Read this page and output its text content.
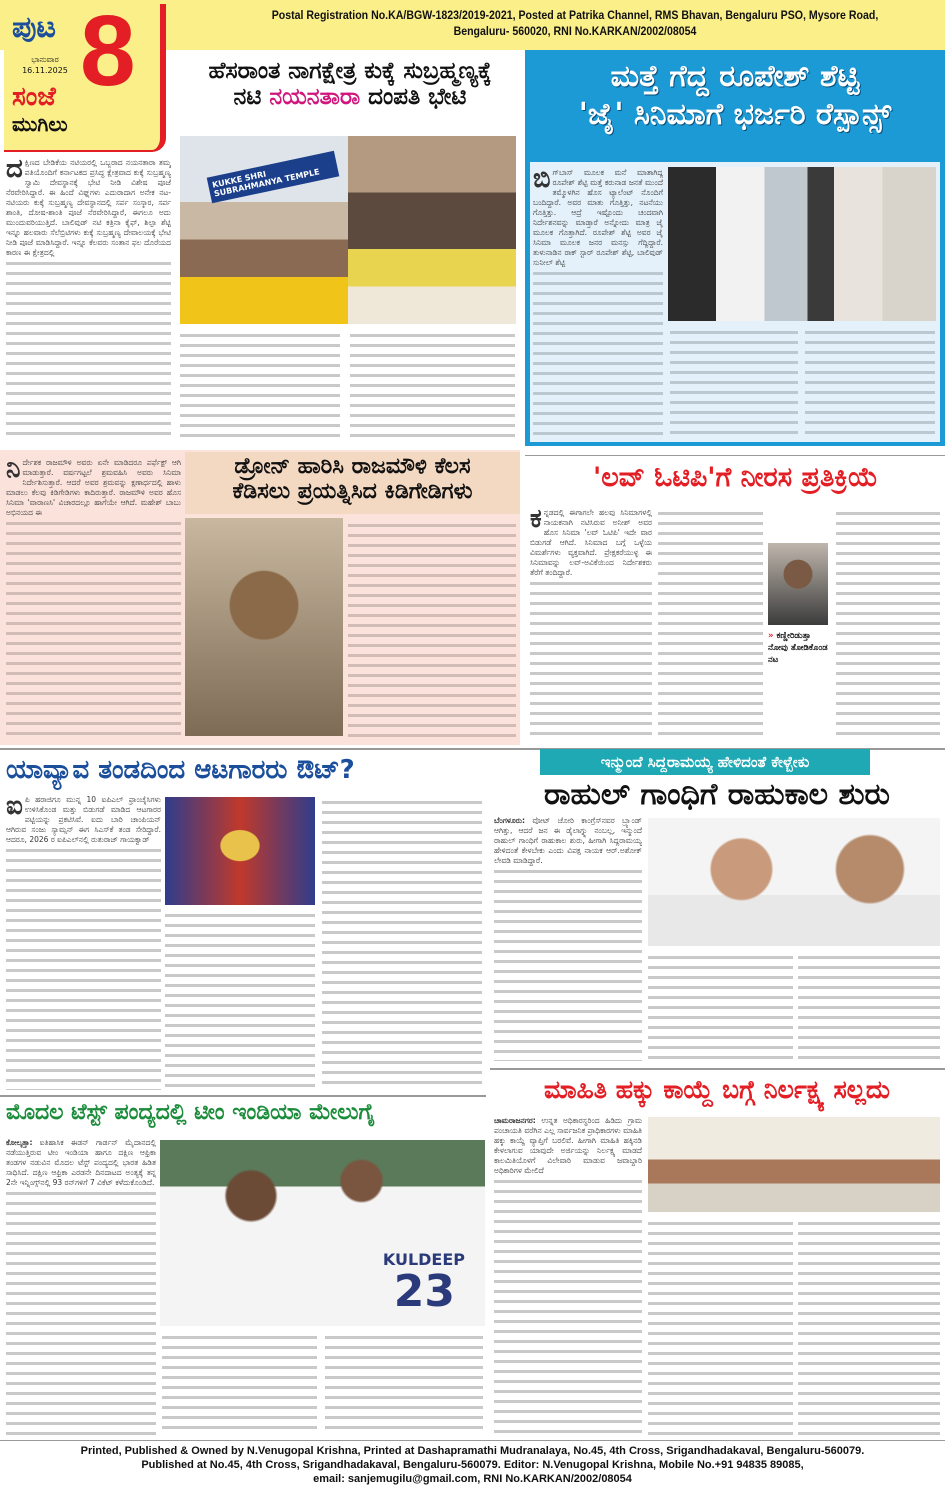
Postal Registration No.KA/BGW-1823/2019-2021, Posted at Patrika Channel, RMS Bhavan, Bengaluru PSO, Mysore Road,
Bengaluru- 560020, RNI No.KARKAN/2002/08054
ಪುಟ 8
ಭಾನುವಾರ
16.11.2025
ಸಂಜೆ
ಮುಗಿಲು
ಹೆಸರಾಂತ ನಾಗಕ್ಷೇತ್ರ ಕುಕ್ಕೆ ಸುಬ್ರಹ್ಮಣ್ಯಕ್ಕೆ
ನಟಿ ನಯನತಾರಾ ದಂಪತಿ ಭೇಟಿ
ದಕ್ಷಿಣದ ಬೇಡಿಕೆಯ ನಟಿಯರಲ್ಲಿ ಒಬ್ಬರಾದ ನಯನತಾರಾ ತಮ್ಮ ಪತಿಯೊಂದಿಗೆ ಕರ್ನಾಟಕದ ಪ್ರಸಿದ್ಧ ಕ್ಷೇತ್ರವಾದ ಕುಕ್ಕೆ ಸುಬ್ರಹ್ಮಣ್ಯ ಸ್ವಾಮಿ ದೇವಸ್ಥಾನಕ್ಕೆ ಭೇಟಿ ನೀಡಿ ವಿಶೇಷ ಪೂಜೆ ನೆರವೇರಿಸಿದ್ದಾರೆ. ಈ ಹಿಂದೆ ವಿಘ್ನಗಳು ಎದುರಾದಾಗ ಅನೇಕ ನಟ-ನಟಿಯರು ಕುಕ್ಕೆ ಸುಬ್ರಹ್ಮಣ್ಯ ದೇವಸ್ಥಾನದಲ್ಲಿ ಸರ್ಪ ಸಂಸ್ಕಾರ, ಸರ್ಪ ಶಾಂತಿ, ದೋಷ-ಶಾಂತಿ ಪೂಜೆ ನೆರವೇರಿಸಿದ್ದಾರೆ, ಈಗಲೂ ಅದು ಮುಂದುವರಿಯುತ್ತಿದೆ. ಬಾಲಿವುಡ್ ನಟಿ ಕತ್ರಿನಾ ಕೈಫ್, ಶಿಲ್ಪಾ ಶೆಟ್ಟಿ ಇನ್ನೂ ಹಲವಾರು ಸೆಲೆಬ್ರಿಟಿಗಳು ಕುಕ್ಕೆ ಸುಬ್ರಹ್ಮಣ್ಯ ದೇವಾಲಯಕ್ಕೆ ಭೇಟಿ ನೀಡಿ ಪೂಜೆ ಮಾಡಿಸಿದ್ದಾರೆ. ಇನ್ನೂ ಕೆಲವರು ಸಂತಾನ ಫಲ ದೊರೆಯದ ಕಾರಣ ಈ ಕ್ಷೇತ್ರದಲ್ಲಿ
KUKKE SHRI SUBRAHMANYA TEMPLE
ಮತ್ತೆ ಗೆದ್ದ ರೂಪೇಶ್ ಶೆಟ್ಟಿ
'ಜೈ' ಸಿನಿಮಾಗೆ ಭರ್ಜರಿ ರೆಸ್ಪಾನ್ಸ್
ಬಿಗ್‌ಬಾಸ್ ಮೂಲಕ ಮನೆ ಮಾತಾಗಿದ್ದ ರೂಪೇಶ್ ಶೆಟ್ಟಿ ಮತ್ತೆ ಕರುನಾಡ ಜನತೆ ಮುಂದೆ ತಮ್ಮೊಳಗಿನ ಹೊಸ ಟ್ಯಾಲೆಂಟ್ ನೊಂದಿಗೆ ಬಂದಿದ್ದಾರೆ. ಅವರ ಮಾತು ಗೊತ್ತಿತ್ತು, ನಟನೆಯು ಗೊತ್ತಿತ್ತು. ಆದ್ರೆ ಇಷ್ಟೊಂದು ಚಂದವಾಗಿ ನಿರ್ದೇಶನವನ್ನು ಮಾಡ್ತಾರೆ ಅನ್ನೋದು ಮಾತ್ರ ಜೈ ಮೂಲಕ ಗೊತ್ತಾಗಿದೆ. ರೂಪೇಶ್ ಶೆಟ್ಟಿ ಅವರ ಜೈ ಸಿನಿಮಾ ಮೂಲಕ ಜನರ ಮನಸ್ಸು ಗೆದ್ದಿದ್ದಾರೆ. ತುಳುನಾಡಿನ ರಾಕ್ ಸ್ಟಾರ್ ರೂಪೇಶ್ ಶೆಟ್ಟಿ, ಬಾಲಿವುಡ್ ಸುನೀಲ್ ಶೆಟ್ಟಿ
ಡ್ರೋನ್ ಹಾರಿಸಿ ರಾಜಮೌಳಿ ಕೆಲಸ
ಕೆಡಿಸಲು ಪ್ರಯತ್ನಿಸಿದ ಕಿಡಿಗೇಡಿಗಳು
ನಿರ್ದೇಶಕ ರಾಜಮೌಳಿ ಅವರು ಏನೇ ಮಾಡಿದರೂ ಪರ್ಫೆಕ್ಟ್ ಆಗಿ ಮಾಡುತ್ತಾರೆ. ವರ್ಷಗಟ್ಟಲೆ ಶ್ರಮವಹಿಸಿ ಅವರು ಸಿನಿಮಾ ನಿರ್ದೇಶಿಸುತ್ತಾರೆ. ಆದರೆ ಅವರ ಶ್ರಮವನ್ನು ಕ್ಷಣಾರ್ಧದಲ್ಲಿ ಹಾಳು ಮಾಡಲು ಕೆಲವು ಕಿಡಿಗೇಡಿಗಳು ಕಾದಿರುತ್ತಾರೆ. ರಾಜಮೌಳಿ ಅವರ ಹೊಸ ಸಿನಿಮಾ 'ವಾರಾಣಸಿ' ವಿಚಾರದಲ್ಲೂ ಹಾಗೆಯೇ ಆಗಿದೆ. ಮಹೇಶ್ ಬಾಬು ಅಭಿನಯದ ಈ
'ಲವ್ ಓಟಿಪಿ'ಗೆ ನೀರಸ ಪ್ರತಿಕ್ರಿಯೆ
ಕನ್ನಡದಲ್ಲಿ ಈಗಾಗಲೇ ಹಲವು ಸಿನಿಮಾಗಳಲ್ಲಿ ನಾಯಕನಾಗಿ ನಟಿಸಿರುವ ಅನೀಶ್ ಅವರ ಹೊಸ ಸಿನಿಮಾ 'ಲವ್ ಓಟಿಪಿ' ಇದೇ ವಾರ ಬಿಡುಗಡೆ ಆಗಿದೆ. ಸಿನಿಮಾದ ಬಗ್ಗೆ ಒಳ್ಳೆಯ ವಿಮರ್ಶೆಗಳು ವ್ಯಕ್ತವಾಗಿದೆ. ಪ್ರೇಕ್ಷಕರೆಯುಳ್ಳ ಈ ಸಿನಿಮಾವನ್ನು ಲವ್-ಅವಿಕೆಯಿಂದ ನಿರ್ದೇಶಕರು ತೆರೆಗೆ ತಂದಿದ್ದಾರೆ.
» ಕಣ್ಣೀರಿಡುತ್ತಾ ನೋವು ತೋಡಿಕೊಂಡ ನಟ
ಯಾವ್ಯಾವ ತಂಡದಿಂದ ಆಟಗಾರರು ಔಟ್?
ಐಪಿ ಹರಾಜಿಗೂ ಮುನ್ನ 10 ಐಪಿಎಲ್ ಫ್ರಾಂಚೈಸಿಗಳು ಉಳಿಸಿಕೊಂಡ ಮತ್ತು ಬಿಡುಗಡೆ ಮಾಡಿದ ಆಟಗಾರರ ಪಟ್ಟಿಯನ್ನು ಪ್ರಕಟಿಸಿವೆ. ಐದು ಬಾರಿ ಚಾಂಪಿಯನ್ ಆಗಿರುವ ಸಂಜು ಸ್ಯಾಮ್ಸನ್ ಈಗ ಸಿಎಸ್‌ಕೆ ತಂಡ ಸೇರಿದ್ದಾರೆ. ಆದರೂ, 2026 ರ ಐಪಿಎಲ್‌ನಲ್ಲಿ ರುತುರಾಜ್ ಗಾಯಕ್ವಾಡ್
ಇನ್ಮುಂದೆ ಸಿದ್ದರಾಮಯ್ಯ ಹೇಳಿದಂತೆ ಕೇಳ್ಬೇಕು
ರಾಹುಲ್ ಗಾಂಧಿಗೆ ರಾಹುಕಾಲ ಶುರು
ಬೆಂಗಳೂರು: ವೋಟ್ ಚೋರಿ ಕಾಂಗ್ರೆಸ್‌ನವರ ಬ್ರ್ಯಾಂಡ್ ಆಗಿತ್ತು, ಆದರೆ ಜನ ಈ ಡೈಲಾಗ್ನ್ನು ನಂಬಲ್ಲ, ಇನ್ಮುಂದೆ ರಾಹುಲ್ ಗಾಂಧಿಗೆ ರಾಹುಕಾಲ ಶುರು, ಹೀಗಾಗಿ ಸಿದ್ದರಾಮಯ್ಯ ಹೇಳಿದಂತೆ ಕೇಳಬೇಕು ಎಂದು ವಿಪಕ್ಷ ನಾಯಕ ಆರ್.ಅಶೋಕ್ ಲೇವಡಿ ಮಾಡಿದ್ದಾರೆ.
ಮೊದಲ ಟೆಸ್ಟ್ ಪಂದ್ಯದಲ್ಲಿ ಟೀಂ ಇಂಡಿಯಾ ಮೇಲುಗೈ
ಕೋಲ್ಕತ್ತಾ: ಐತಿಹಾಸಿಕ ಈಡನ್ ಗಾರ್ಡನ್ ಮೈದಾನದಲ್ಲಿ ನಡೆಯುತ್ತಿರುವ ಟೀಂ ಇಂಡಿಯಾ ಹಾಗೂ ದಕ್ಷಿಣ ಆಫ್ರಿಕಾ ತಂಡಗಳ ನಡುವಿನ ಮೊದಲ ಟೆಸ್ಟ್ ಪಂದ್ಯದಲ್ಲಿ ಭಾರತ ಹಿಡಿತ ಸಾಧಿಸಿದೆ. ದಕ್ಷಿಣ ಆಫ್ರಿಕಾ ಎರಡನೇ ದಿನದಾಟದ ಅಂತ್ಯಕ್ಕೆ ತನ್ನ 2ನೇ ಇನ್ನಿಂಗ್ಸ್‌ನಲ್ಲಿ 93 ರನ್‌ಗಳಿಗೆ 7 ವಿಕೆಟ್ ಕಳೆದುಕೊಂಡಿದೆ.
KULDEEP
23
ಮಾಹಿತಿ ಹಕ್ಕು ಕಾಯ್ದೆ ಬಗ್ಗೆ ನಿರ್ಲಕ್ಷ್ಯ ಸಲ್ಲದು
ಚಾಮರಾಜನಗರ: ಉನ್ನತ ಅಧಿಕಾರಸ್ಥರಿಂದ ಹಿಡಿದು ಗ್ರಾಮ ಪಂಚಾಯತಿ ವರೆಗಿನ ಎಲ್ಲ ಸಾರ್ವಜನಿಕ ಪ್ರಾಧಿಕಾರಗಳು ಮಾಹಿತಿ ಹಕ್ಕು ಕಾಯ್ದೆ ವ್ಯಾಪ್ತಿಗೆ ಬರಲಿವೆ. ಹೀಗಾಗಿ ಮಾಹಿತಿ ಹಕ್ಕಿನಡಿ ಕೇಳಲಾಗುವ ಯಾವುದೇ ಅರ್ಜಿಯನ್ನು ನಿರ್ಲಕ್ಷ್ಯ ಮಾಡದೆ ಕಾಲಮಿತಿಯೊಳಗೆ ವಿಲೇವಾರಿ ಮಾಡುವ ಜವಾಬ್ದಾರಿ ಅಧಿಕಾರಿಗಳ ಮೇಲಿದೆ
Printed, Published & Owned by N.Venugopal Krishna, Printed at Dashapramathi Mudranalaya, No.45, 4th Cross, Srigandhadakaval, Bengaluru-560079.
Published at No.45, 4th Cross, Srigandhadakaval, Bengaluru-560079. Editor: N.Venugopal Krishna, Mobile No.+91 94835 89085,
email: sanjemugilu@gmail.com, RNI No.KARKAN/2002/08054
